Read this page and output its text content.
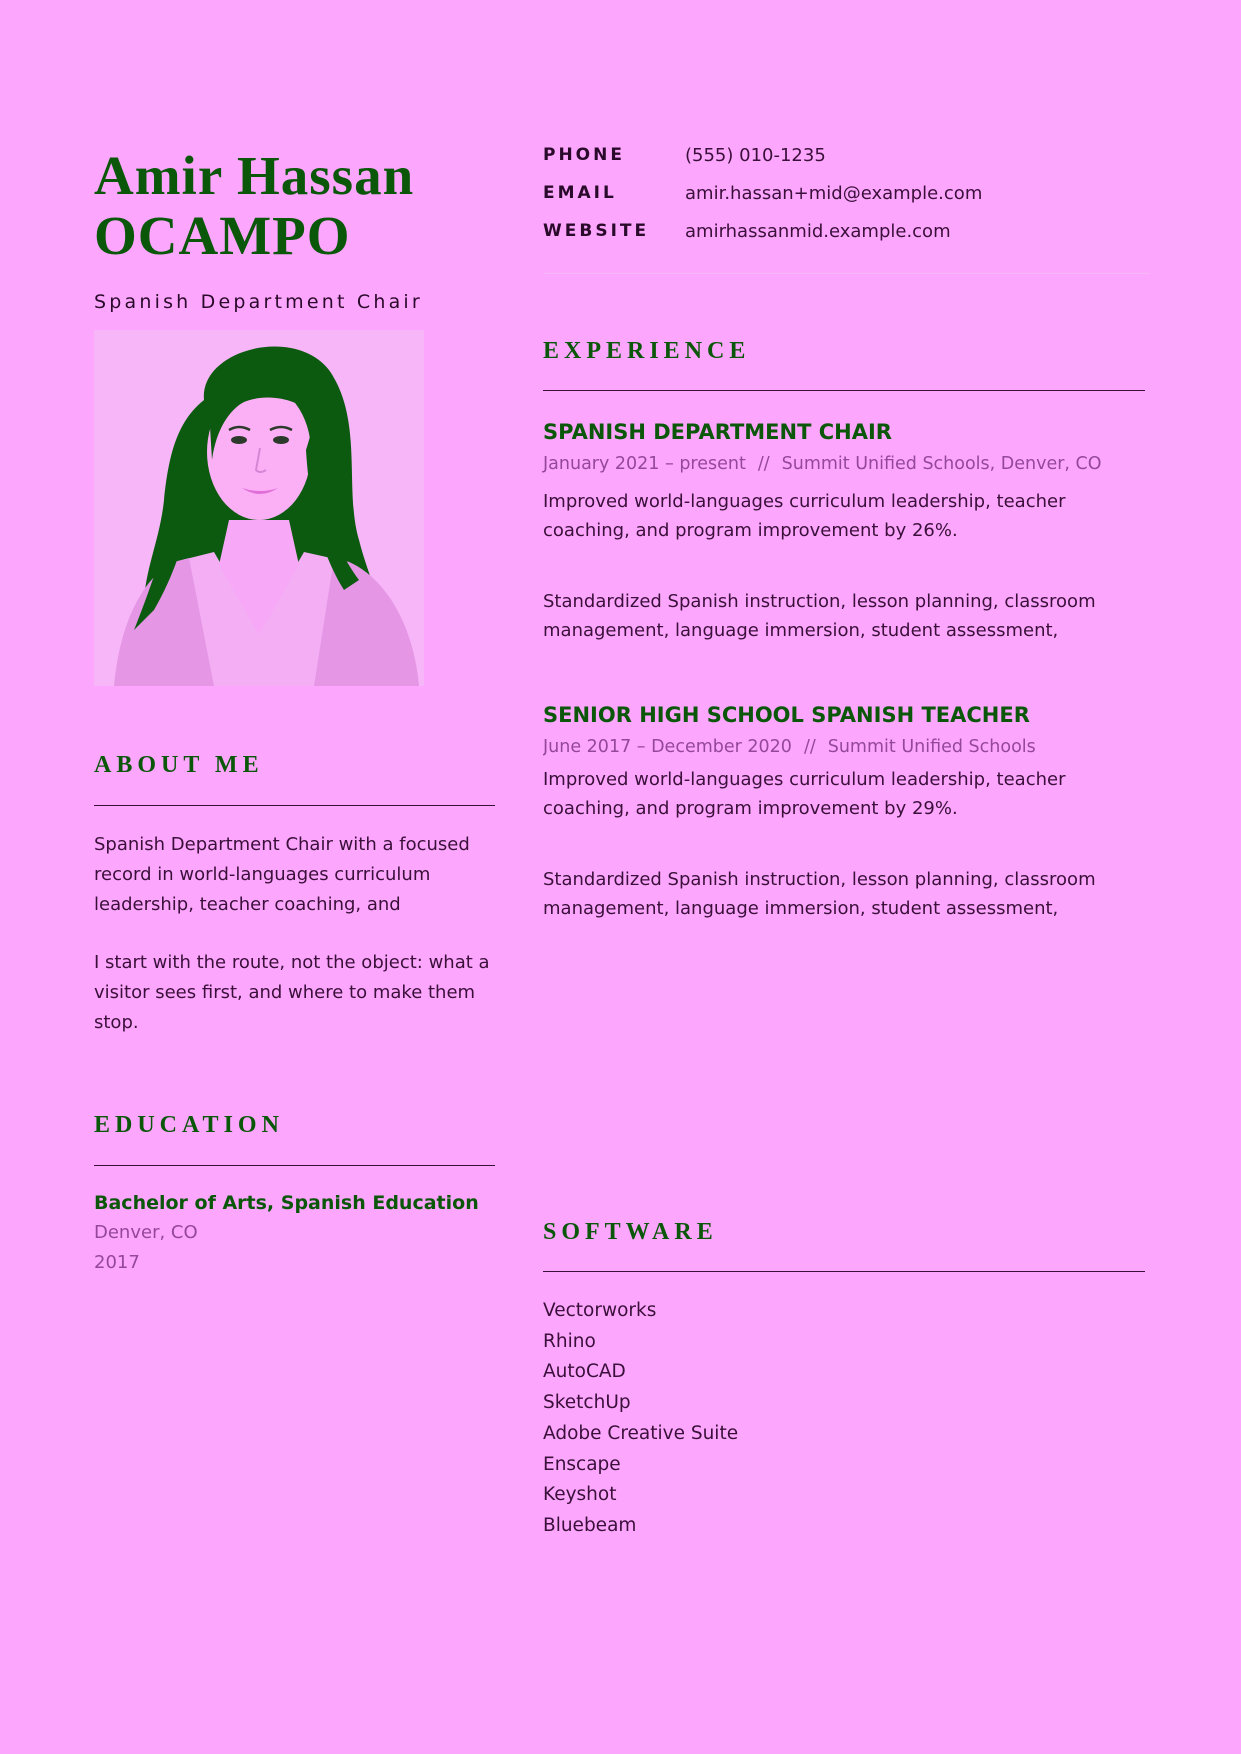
Amir Hassan
OCAMPO
Spanish Department Chair
PHONE	(555) 010-1235
EMAIL	amir.hassan+mid@example.com
WEBSITE	amirhassanmid.example.com
EXPERIENCE
SPANISH DEPARTMENT CHAIR
January 2021 – present // Summit Unified Schools, Denver, CO
Improved world-languages curriculum leadership, teacher coaching, and program improvement by 26%.
Standardized Spanish instruction, lesson planning, classroom management, language immersion, student assessment,
SENIOR HIGH SCHOOL SPANISH TEACHER
June 2017 – December 2020 // Summit Unified Schools
Improved world-languages curriculum leadership, teacher coaching, and program improvement by 29%.
Standardized Spanish instruction, lesson planning, classroom management, language immersion, student assessment,
ABOUT ME
Spanish Department Chair with a focused record in world-languages curriculum leadership, teacher coaching, and
I start with the route, not the object: what a visitor sees first, and where to make them stop.
EDUCATION
Bachelor of Arts, Spanish Education
Denver, CO
2017
SOFTWARE
Vectorworks
Rhino
AutoCAD
SketchUp
Adobe Creative Suite
Enscape
Keyshot
Bluebeam
